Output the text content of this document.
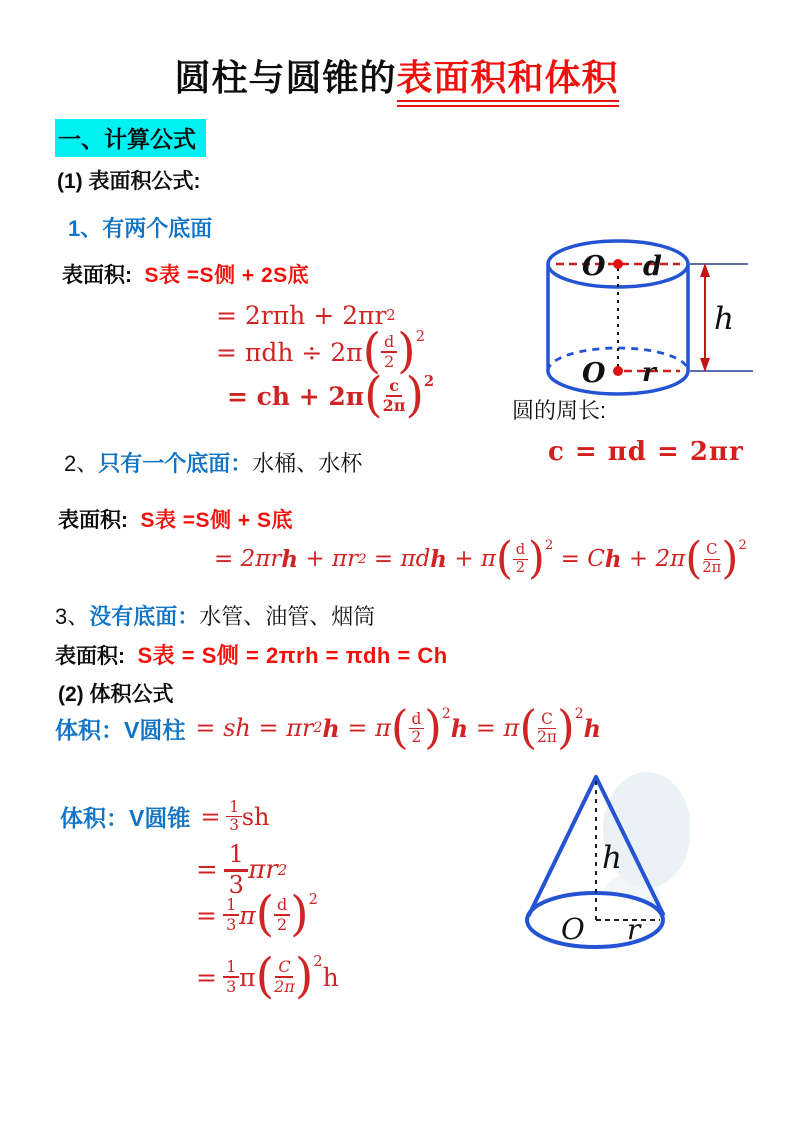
圆柱与圆锥的表面积和体积
一、计算公式
(1) 表面积公式:
1、有两个底面
表面积: S表 =S侧 + 2S底
= 2rπh + 2πr 2
= πdh ÷ 2π ( $\frac{d}{2}$ ) 2
= ch + 2π ( $\frac{c}{2\pi}$ ) 2
O d
O r
h
圆的周长:
c = πd = 2πr
2、只有一个底面：水桶、水杯
表面积: S表 =S侧 + S底
= 2πr h + πr 2 = πd h + π ( $\frac{d}{2}$ ) 2
= C h + 2π ( $\frac{C}{2\pi}$ ) 2
3、没有底面：水管、油管、烟筒
表面积: S表 = S侧 = 2πrh = πdh = Ch
(2) 体积公式
体积：V圆柱 = sh = πr 2 h = π ( $\frac{d}{2}$ ) 2 h = π ( $\frac{C}{2\pi}$ ) 2 h
体积：V圆锥 = $\frac{1}{3}$ sh
= $\frac{1}{3}$ πr 2
= $\frac{1}{3}$ π ( $\frac{d}{2}$ ) 2
= $\frac{1}{3}$ π ( $\frac{C}{2\pi}$ ) 2
h
h
O r
